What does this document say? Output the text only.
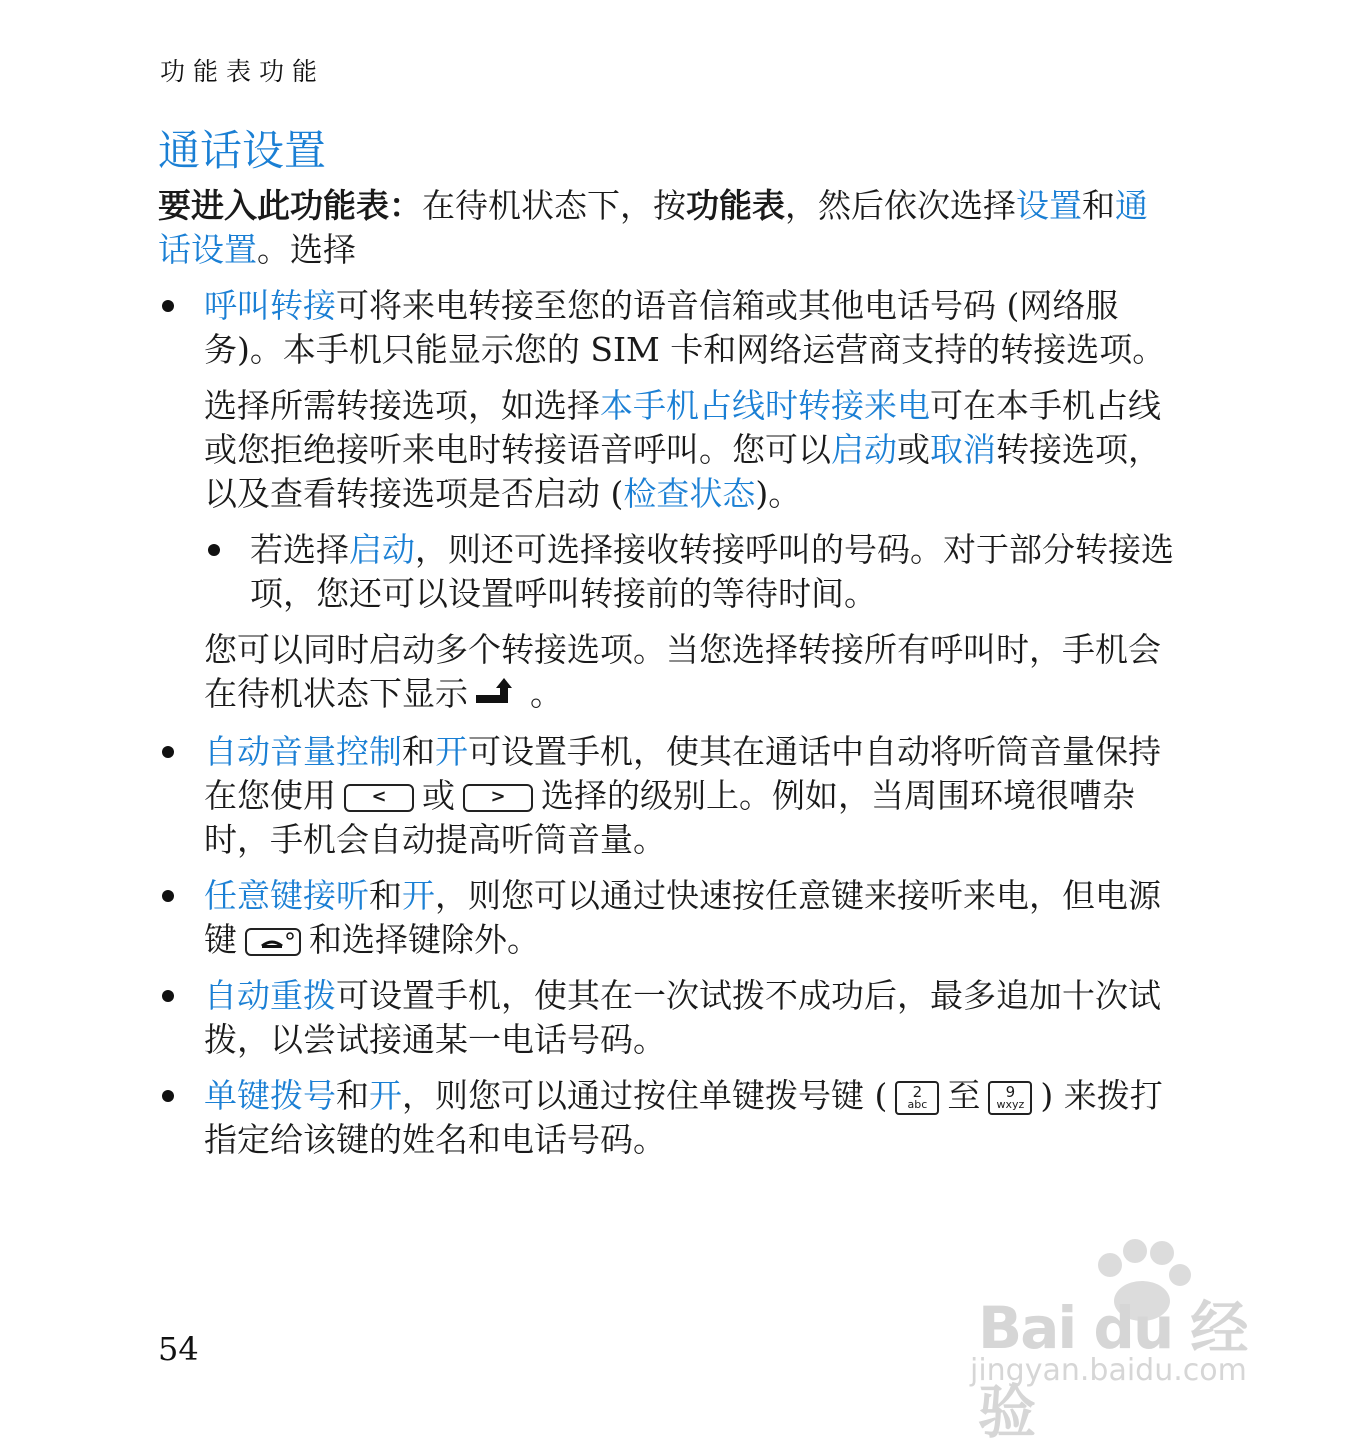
功能表功能
通话设置

要进入此功能表：在待机状态下，按功能表，然后依次选择设置和通话设置。选择

呼叫转接可将来电转接至您的语音信箱或其他电话号码 (网络服务)。本手机只能显示您的 SIM 卡和网络运营商支持的转接选项。

选择所需转接选项，如选择本手机占线时转接来电可在本手机占线或您拒绝接听来电时转接语音呼叫。您可以启动或取消转接选项，以及查看转接选项是否启动 (检查状态)。

若选择启动，则还可选择接收转接呼叫的号码。对于部分转接选项，您还可以设置呼叫转接前的等待时间。

您可以同时启动多个转接选项。当您选择转接所有呼叫时，手机会在待机状态下显示 。

自动音量控制和开可设置手机，使其在通话中自动将听筒音量保持在您使用 < 或 > 选择的级别上。例如，当周围环境很嘈杂时，手机会自动提高听筒音量。
任意键接听和开，则您可以通过快速按任意键来接听来电，但电源键 和选择键除外。
自动重拨可设置手机，使其在一次试拨不成功后，最多追加十次试拨，以尝试接通某一电话号码。
单键拨号和开，则您可以通过按住单键拨号键 (	2
abc 至	9
wxyz ) 来拨打指定给该键的姓名和电话号码。
54	Bai du 经验
jingyan.baidu.com
